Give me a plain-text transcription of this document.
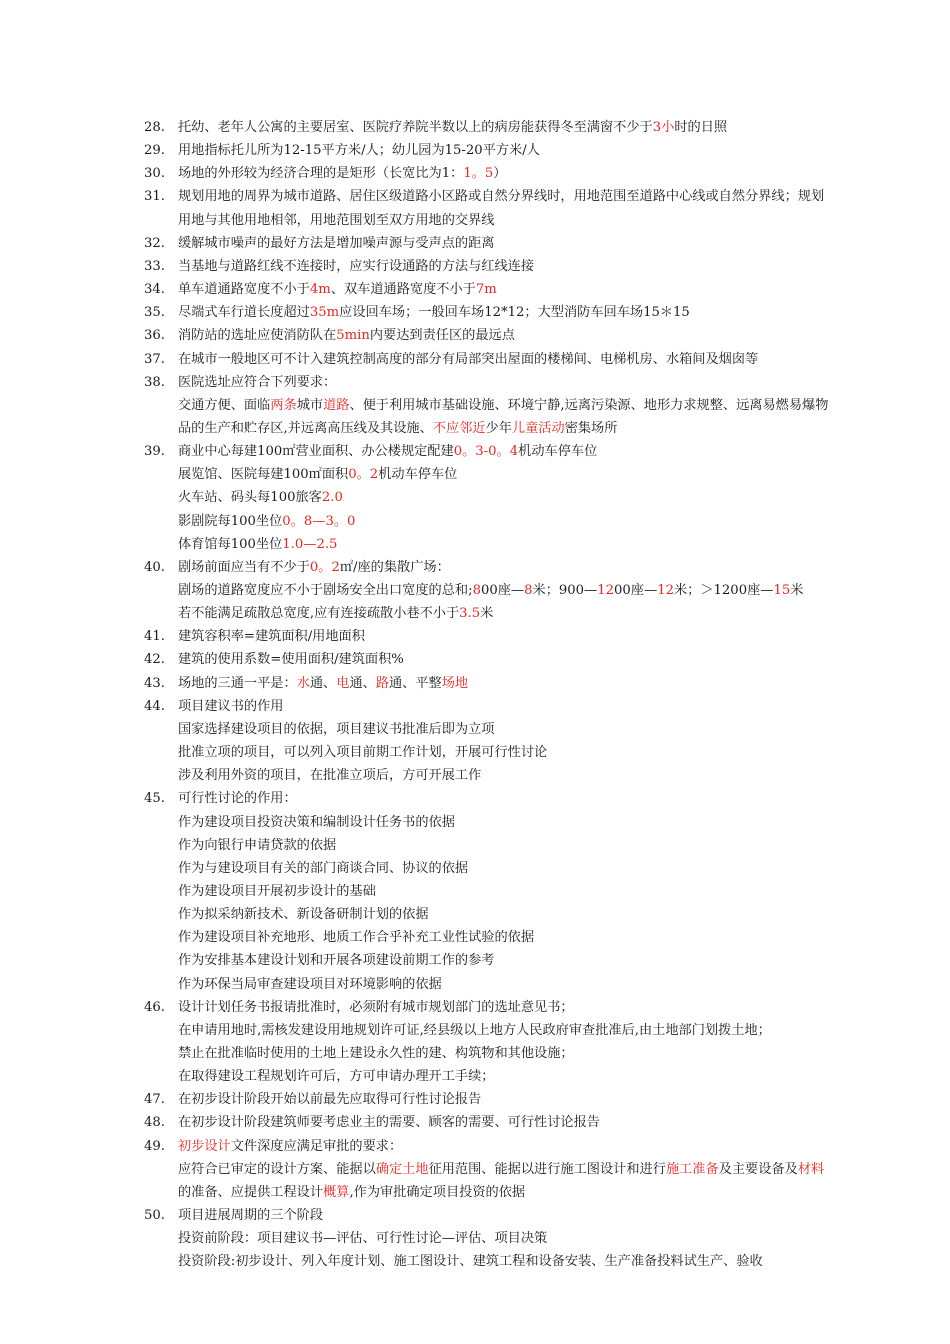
28. 托幼、老年人公寓的主要居室、医院疗养院半数以上的病房能获得冬至满窗不少于3小时的日照
29. 用地指标托儿所为12-15平方米/人；幼儿园为15-20平方米/人
30. 场地的外形较为经济合理的是矩形（长宽比为1：1。5）
31. 规划用地的周界为城市道路、居住区级道路小区路或自然分界线时，用地范围至道路中心线或自然分界线；规划
用地与其他用地相邻，用地范围划至双方用地的交界线
32. 缓解城市噪声的最好方法是增加噪声源与受声点的距离
33. 当基地与道路红线不连接时，应实行设通路的方法与红线连接
34. 单车道通路宽度不小于4m、双车道通路宽度不小于7m
35. 尽端式车行道长度超过35m应设回车场；一般回车场12*12；大型消防车回车场15＊15
36. 消防站的选址应使消防队在5min内要达到责任区的最远点
37. 在城市一般地区可不计入建筑控制高度的部分有局部突出屋面的楼梯间、电梯机房、水箱间及烟囱等
38. 医院选址应符合下列要求：
交通方便、面临两条城市道路、便于利用城市基础设施、环境宁静,远离污染源、地形力求规整、远离易燃易爆物
品的生产和贮存区,并远离高压线及其设施、不应邻近少年儿童活动密集场所
39. 商业中心每建100㎡营业面积、办公楼规定配建0。3-0。4机动车停车位
展览馆、医院每建100㎡面积0。2机动车停车位
火车站、码头每100旅客2.0
影剧院每100坐位0。8—3。0
体育馆每100坐位1.0—2.5
40. 剧场前面应当有不少于0。2㎡/座的集散广场：
剧场的道路宽度应不小于剧场安全出口宽度的总和;800座—8米；900—1200座—12米；＞1200座—15米
若不能满足疏散总宽度,应有连接疏散小巷不小于3.5米
41. 建筑容积率=建筑面积/用地面积
42. 建筑的使用系数=使用面积/建筑面积%
43. 场地的三通一平是：水通、电通、路通、平整场地
44. 项目建议书的作用
国家选择建设项目的依据，项目建议书批准后即为立项
批准立项的项目，可以列入项目前期工作计划，开展可行性讨论
涉及利用外资的项目，在批准立项后，方可开展工作
45. 可行性讨论的作用：
作为建设项目投资决策和编制设计任务书的依据
作为向银行申请贷款的依据
作为与建设项目有关的部门商谈合同、协议的依据
作为建设项目开展初步设计的基础
作为拟采纳新技术、新设备研制计划的依据
作为建设项目补充地形、地质工作合乎补充工业性试验的依据
作为安排基本建设计划和开展各项建设前期工作的参考
作为环保当局审查建设项目对环境影响的依据
46. 设计计划任务书报请批准时，必须附有城市规划部门的选址意见书；
在申请用地时,需核发建设用地规划许可证,经县级以上地方人民政府审查批准后,由土地部门划拨土地；
禁止在批准临时使用的土地上建设永久性的建、构筑物和其他设施；
在取得建设工程规划许可后，方可申请办理开工手续；
47. 在初步设计阶段开始以前最先应取得可行性讨论报告
48. 在初步设计阶段建筑师要考虑业主的需要、顾客的需要、可行性讨论报告
49. 初步设计文件深度应满足审批的要求：
应符合已审定的设计方案、能据以确定土地征用范围、能据以进行施工图设计和进行施工准备及主要设备及材料
的准备、应提供工程设计概算,作为审批确定项目投资的依据
50. 项目进展周期的三个阶段
投资前阶段：项目建议书—评估、可行性讨论—评估、项目决策
投资阶段:初步设计、列入年度计划、施工图设计、建筑工程和设备安装、生产准备投料试生产、验收
